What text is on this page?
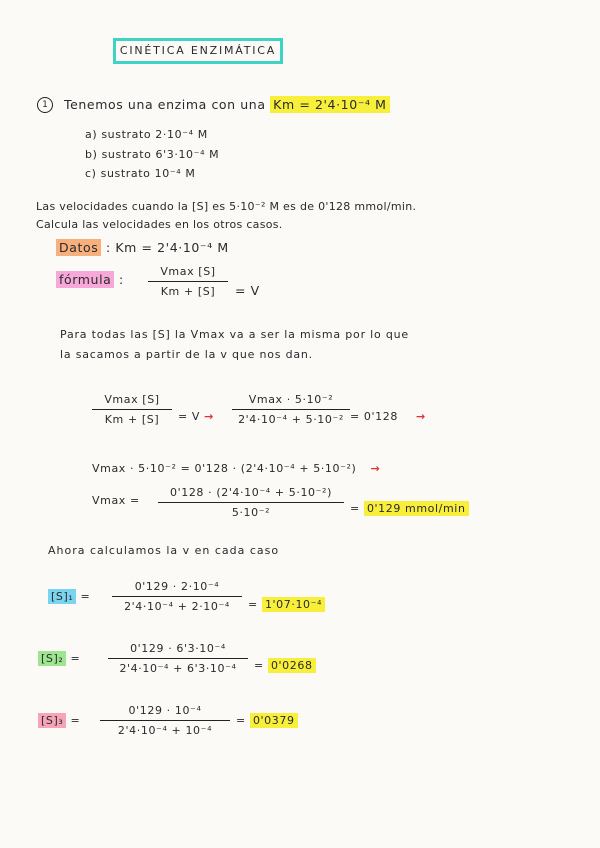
CINÉTICA ENZIMÁTICA
1	Tenemos una enzima con una Km = 2'4·10⁻⁴ M
a) sustrato 2·10⁻⁴ M
b) sustrato 6'3·10⁻⁴ M
c) sustrato 10⁻⁴ M
Las velocidades cuando la [S] es 5·10⁻² M es de 0'128 mmol/min.
Calcula las velocidades en los otros casos.
Datos : Km = 2'4·10⁻⁴ M
fórmula :
Vmax [S]
Km + [S]	= V
Para todas las [S] la Vmax va a ser la misma por lo que
la sacamos a partir de la v que nos dan.
Vmax [S]
Km + [S]	= V →
Vmax · 5·10⁻²
2'4·10⁻⁴ + 5·10⁻² = 0'128 →
Vmax · 5·10⁻² = 0'128 · (2'4·10⁻⁴ + 5·10⁻²) →
Vmax =
0'128 · (2'4·10⁻⁴ + 5·10⁻²)
5·10⁻²	= 0'129 mmol/min
Ahora calculamos la v en cada caso
[S]₁ =
0'129 · 2·10⁻⁴
2'4·10⁻⁴ + 2·10⁻⁴	= 1'07·10⁻⁴
[S]₂ =
0'129 · 6'3·10⁻⁴
2'4·10⁻⁴ + 6'3·10⁻⁴	= 0'0268
[S]₃ =
0'129 · 10⁻⁴
2'4·10⁻⁴ + 10⁻⁴
= 0'0379
